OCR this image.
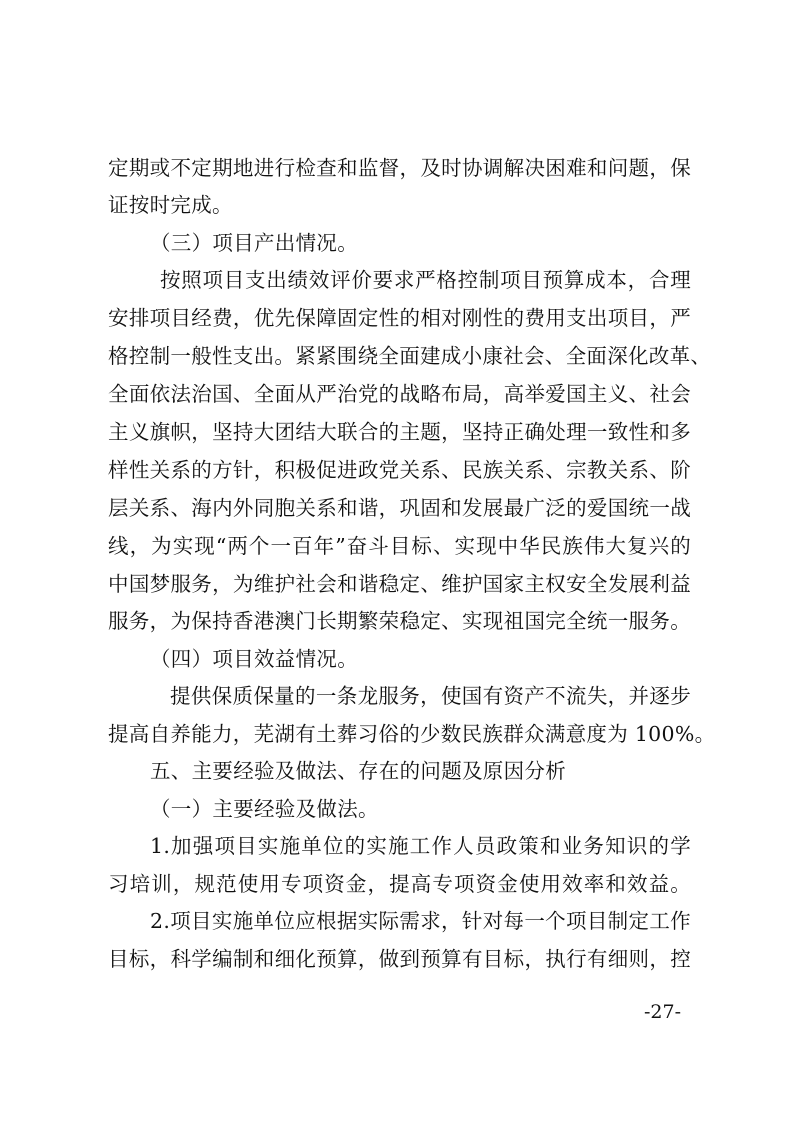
定期或不定期地进行检查和监督，及时协调解决困难和问题，保
证按时完成。
（三）项目产出情况。
按照项目支出绩效评价要求严格控制项目预算成本，合理
安排项目经费，优先保障固定性的相对刚性的费用支出项目，严
格控制一般性支出。紧紧围绕全面建成小康社会、全面深化改革、
全面依法治国、全面从严治党的战略布局，高举爱国主义、社会
主义旗帜，坚持大团结大联合的主题，坚持正确处理一致性和多
样性关系的方针，积极促进政党关系、民族关系、宗教关系、阶
层关系、海内外同胞关系和谐，巩固和发展最广泛的爱国统一战
线，为实现“两个一百年”奋斗目标、实现中华民族伟大复兴的
中国梦服务，为维护社会和谐稳定、维护国家主权安全发展利益
服务，为保持香港澳门长期繁荣稳定、实现祖国完全统一服务。
（四）项目效益情况。
提供保质保量的一条龙服务，使国有资产不流失，并逐步
提高自养能力，芜湖有土葬习俗的少数民族群众满意度为 100%。
五、主要经验及做法、存在的问题及原因分析
（一）主要经验及做法。
1.加强项目实施单位的实施工作人员政策和业务知识的学
习培训，规范使用专项资金，提高专项资金使用效率和效益。
2.项目实施单位应根据实际需求，针对每一个项目制定工作
目标，科学编制和细化预算，做到预算有目标，执行有细则，控
-27-
